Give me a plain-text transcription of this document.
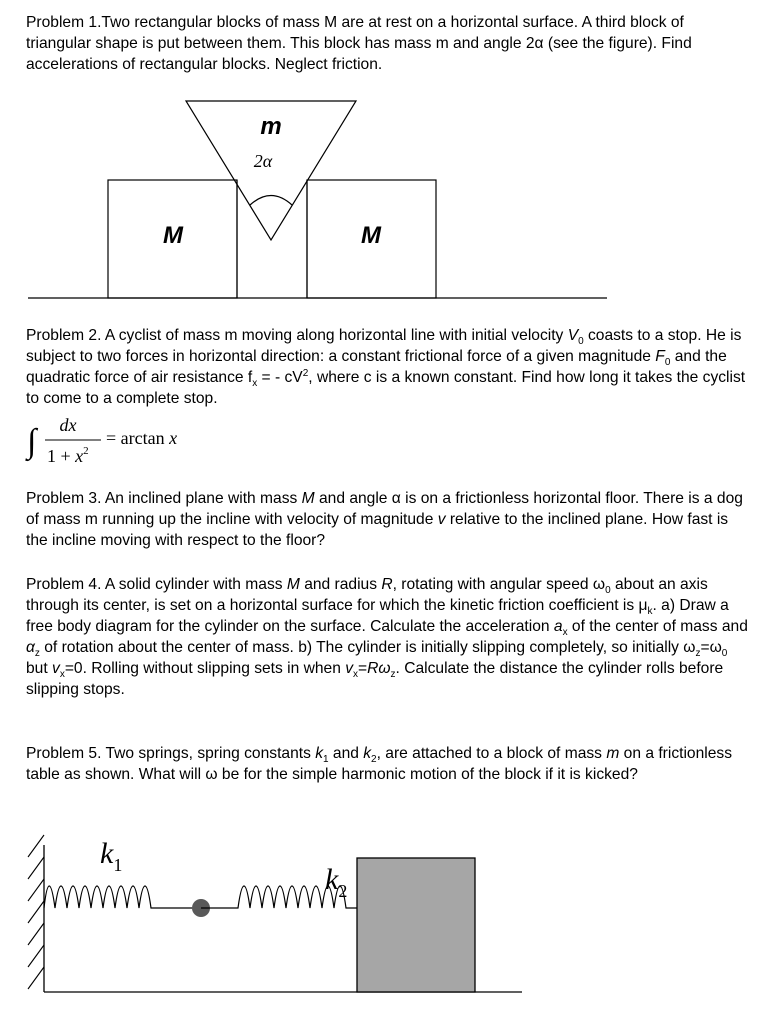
Problem 1.Two rectangular blocks of mass M are at rest on a horizontal surface. A third block of triangular shape is put between them. This block has mass m and angle 2α (see the figure). Find accelerations of rectangular blocks. Neglect friction.

M	M
m
2α

Problem 2. A cyclist of mass m moving along horizontal line with initial velocity $V_0$ coasts to a stop. He is subject to two forces in horizontal direction: a constant frictional force of a given magnitude $F_0$ and the quadratic force of air resistance $f_x$ = - $cV^2$, where c is a known constant. Find how long it takes the cyclist to come to a complete stop.

∫ dx
$1 + x^2$
= arctan x

Problem 3. An inclined plane with mass M and angle α is on a frictionless horizontal floor. There is a dog of mass m running up the incline with velocity of magnitude v relative to the inclined plane. How fast is the incline moving with respect to the floor?

Problem 4. A solid cylinder with mass M and radius R, rotating with angular speed $\omega_0$ about an axis through its center, is set on a horizontal surface for which the kinetic friction coefficient is $\mu_k$. a) Draw a free body diagram for the cylinder on the surface. Calculate the acceleration $a_x$ of the center of mass and $\alpha_z$ of rotation about the center of mass. b) The cylinder is initially slipping completely, so initially $\omega_z=\omega_0$ but $v_x=0$. Rolling without slipping sets in when $v_x=R\omega_z$. Calculate the distance the cylinder rolls before slipping stops.

Problem 5. Two springs, spring constants $k_1$ and $k_2$, are attached to a block of mass m on a frictionless table as shown. What will ω be for the simple harmonic motion of the block if it is kicked?

$k_1$	$k_2$
